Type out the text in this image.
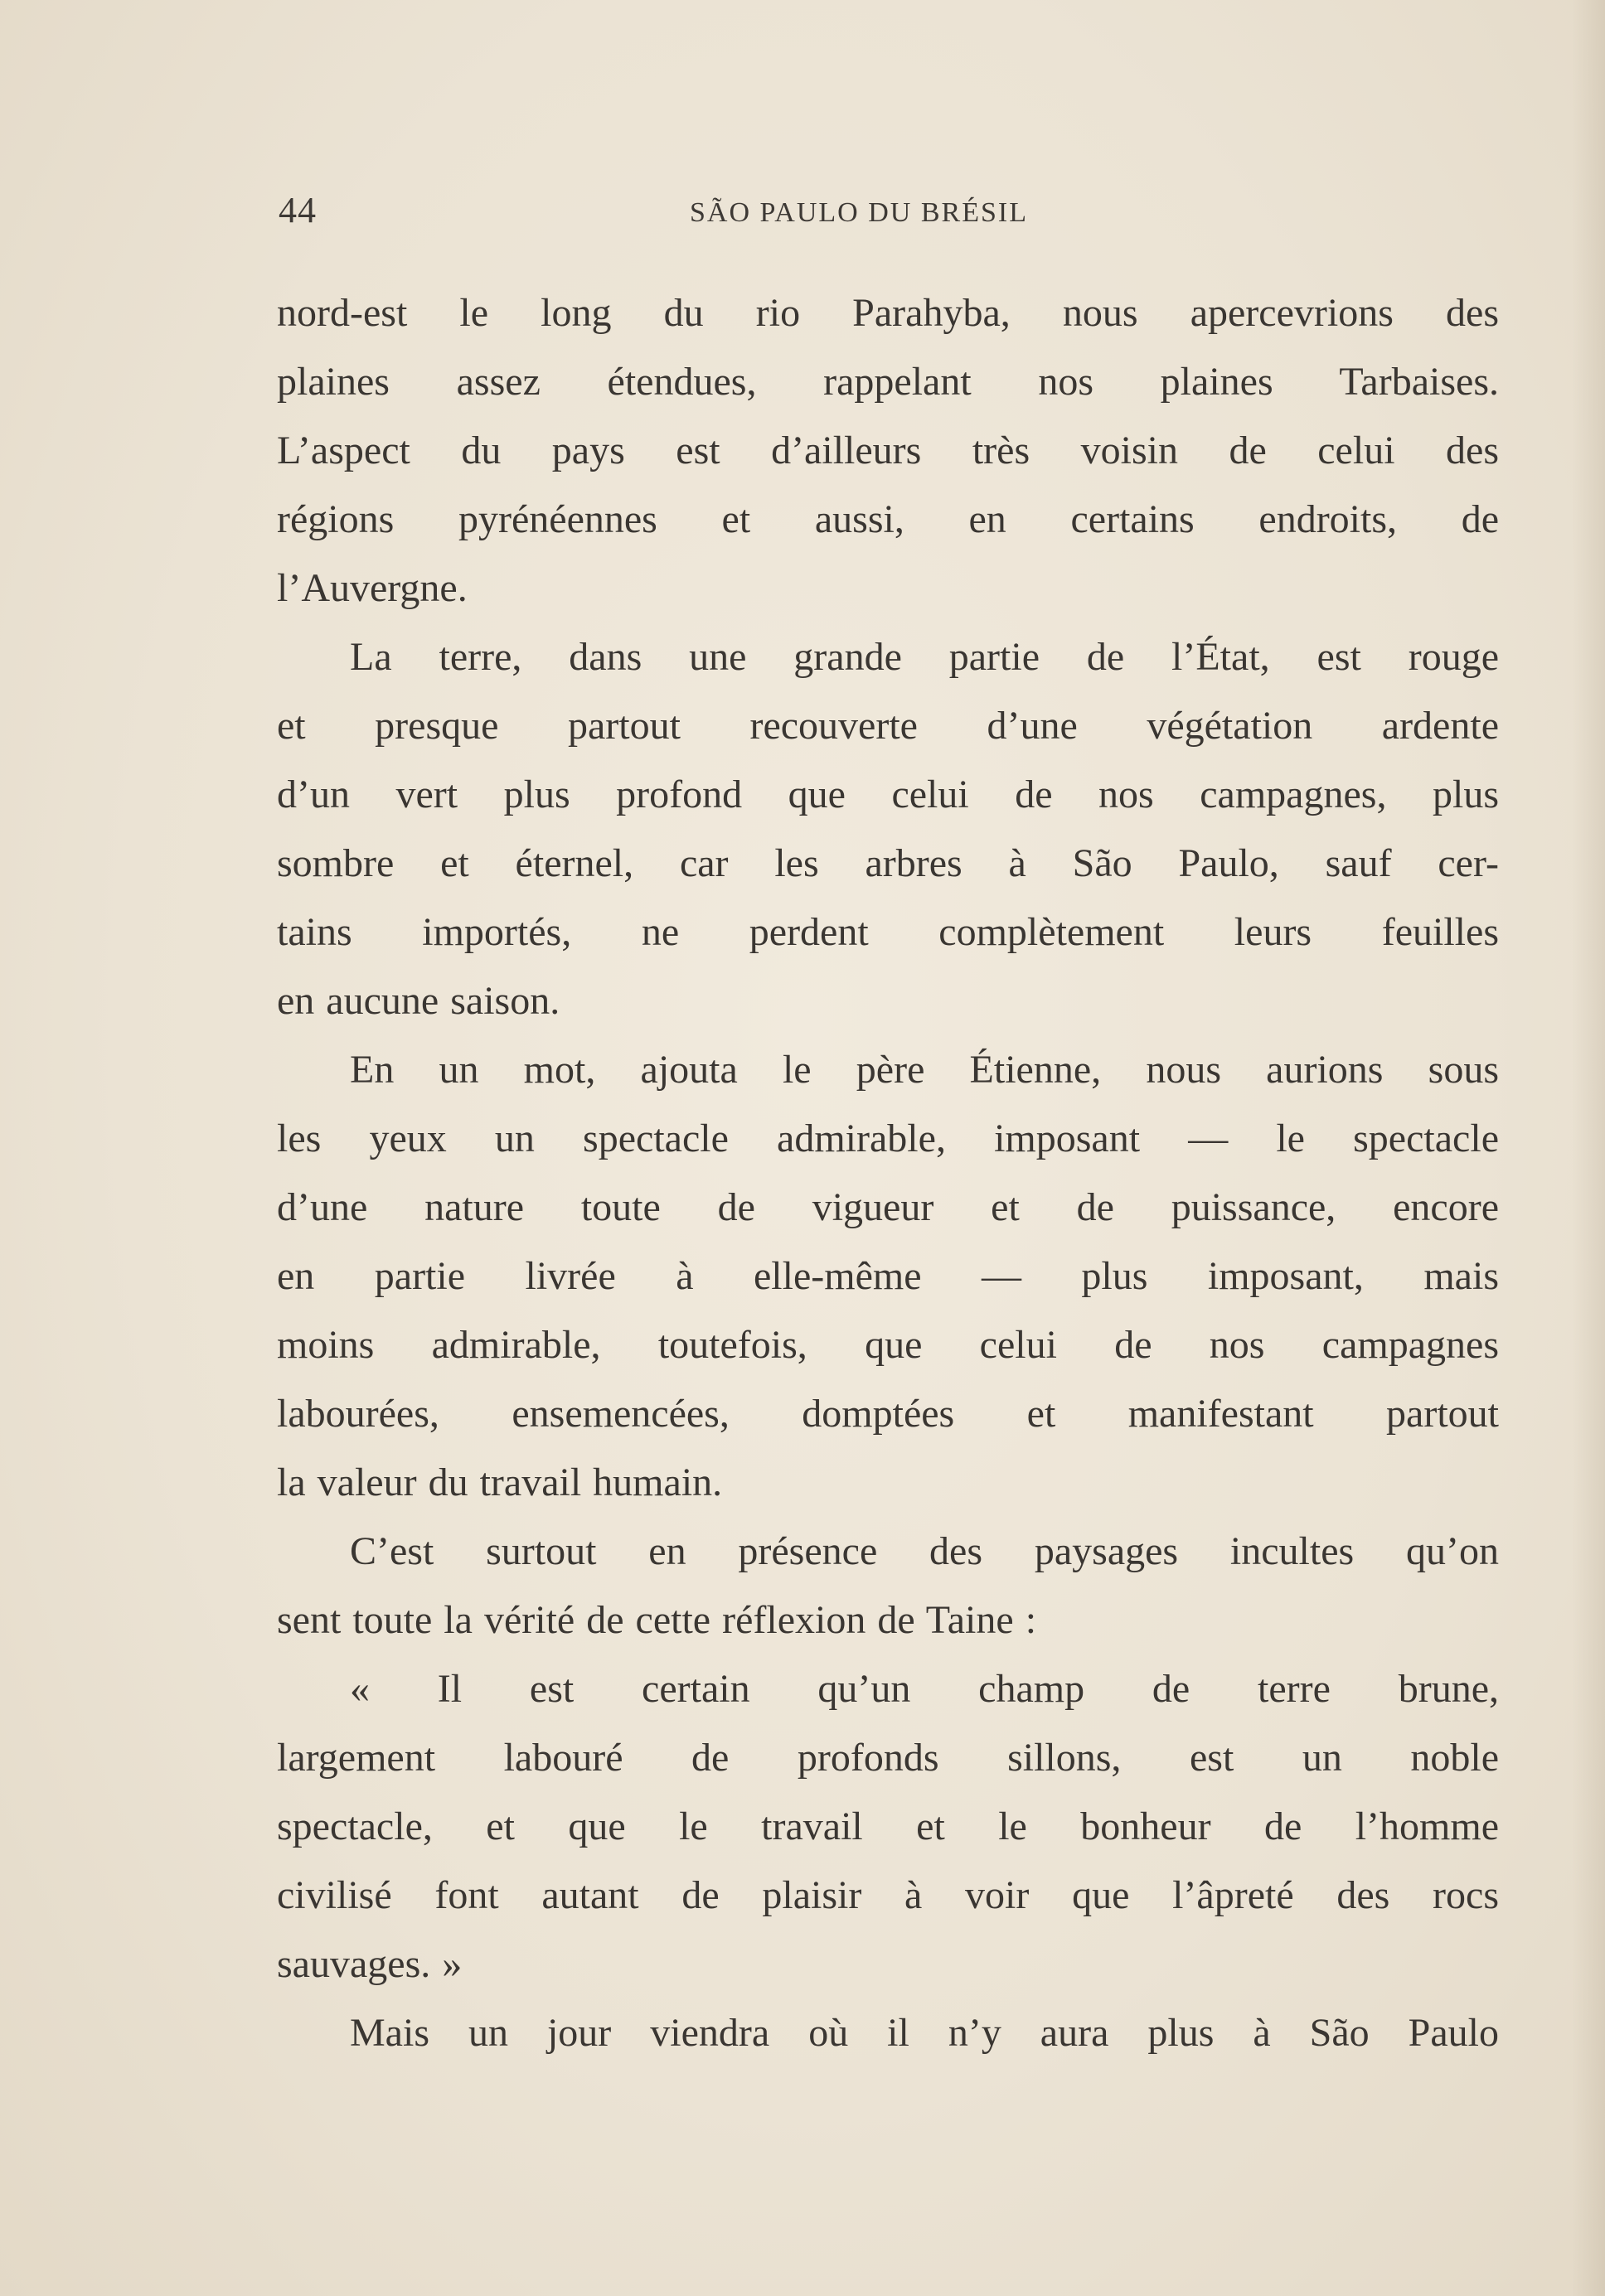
44	SÃO PAULO DU BRÉSIL
nord-est le long du rio Parahyba, nous apercevrions des
plaines assez étendues, rappelant nos plaines Tarbaises.
L’aspect du pays est d’ailleurs très voisin de celui des
régions pyrénéennes et aussi, en certains endroits, de
l’Auvergne.
La terre, dans une grande partie de l’État, est rouge
et presque partout recouverte d’une végétation ardente
d’un vert plus profond que celui de nos campagnes, plus
sombre et éternel, car les arbres à São Paulo, sauf cer-
tains importés, ne perdent complètement leurs feuilles
en aucune saison.
En un mot, ajouta le père Étienne, nous aurions sous
les yeux un spectacle admirable, imposant — le spectacle
d’une nature toute de vigueur et de puissance, encore
en partie livrée à elle-même — plus imposant, mais
moins admirable, toutefois, que celui de nos campagnes
labourées, ensemencées, domptées et manifestant partout
la valeur du travail humain.
C’est surtout en présence des paysages incultes qu’on
sent toute la vérité de cette réflexion de Taine :
« Il est certain qu’un champ de terre brune,
largement labouré de profonds sillons, est un noble
spectacle, et que le travail et le bonheur de l’homme
civilisé font autant de plaisir à voir que l’âpreté des rocs
sauvages. »
Mais un jour viendra où il n’y aura plus à São Paulo
